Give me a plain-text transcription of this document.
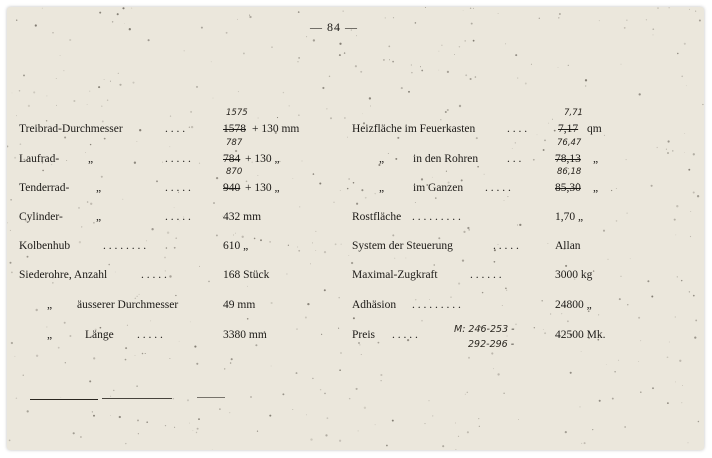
— 84 —
Treibrad-Durchmesser	. . . .	1578 + 130 mm
1575
Laufrad-	„	. . . . .	784 + 130 „
787
Tenderrad- „	. . . . .	940 + 130 „
870
Cylinder-	„	. . . . .	432 mm
Kolbenhub	. . . . . . . .	610 „
Siederohre, Anzahl	. . . . .	168 Stück
„ äusserer Durchmesser	49 mm
„	Länge . . . . .	3380 mm
Heizfläche im Feuerkasten	. . . .	7,17 qm
7,71
„	in den Rohren	. . .	78,13 „
76,47
„	im Ganzen . . . . .	85,30 „
86,18
Rostfläche . . . . . . . . .	1,70 „
System der Steuerung	. . . . .	Allan
Maximal-Zugkraft	. . . . . .	3000 kg
Adhäsion . . . . . . . . .	24800 „
Preis . . . . .	42500 Mk.
M: 246-253 -
292-296 -
